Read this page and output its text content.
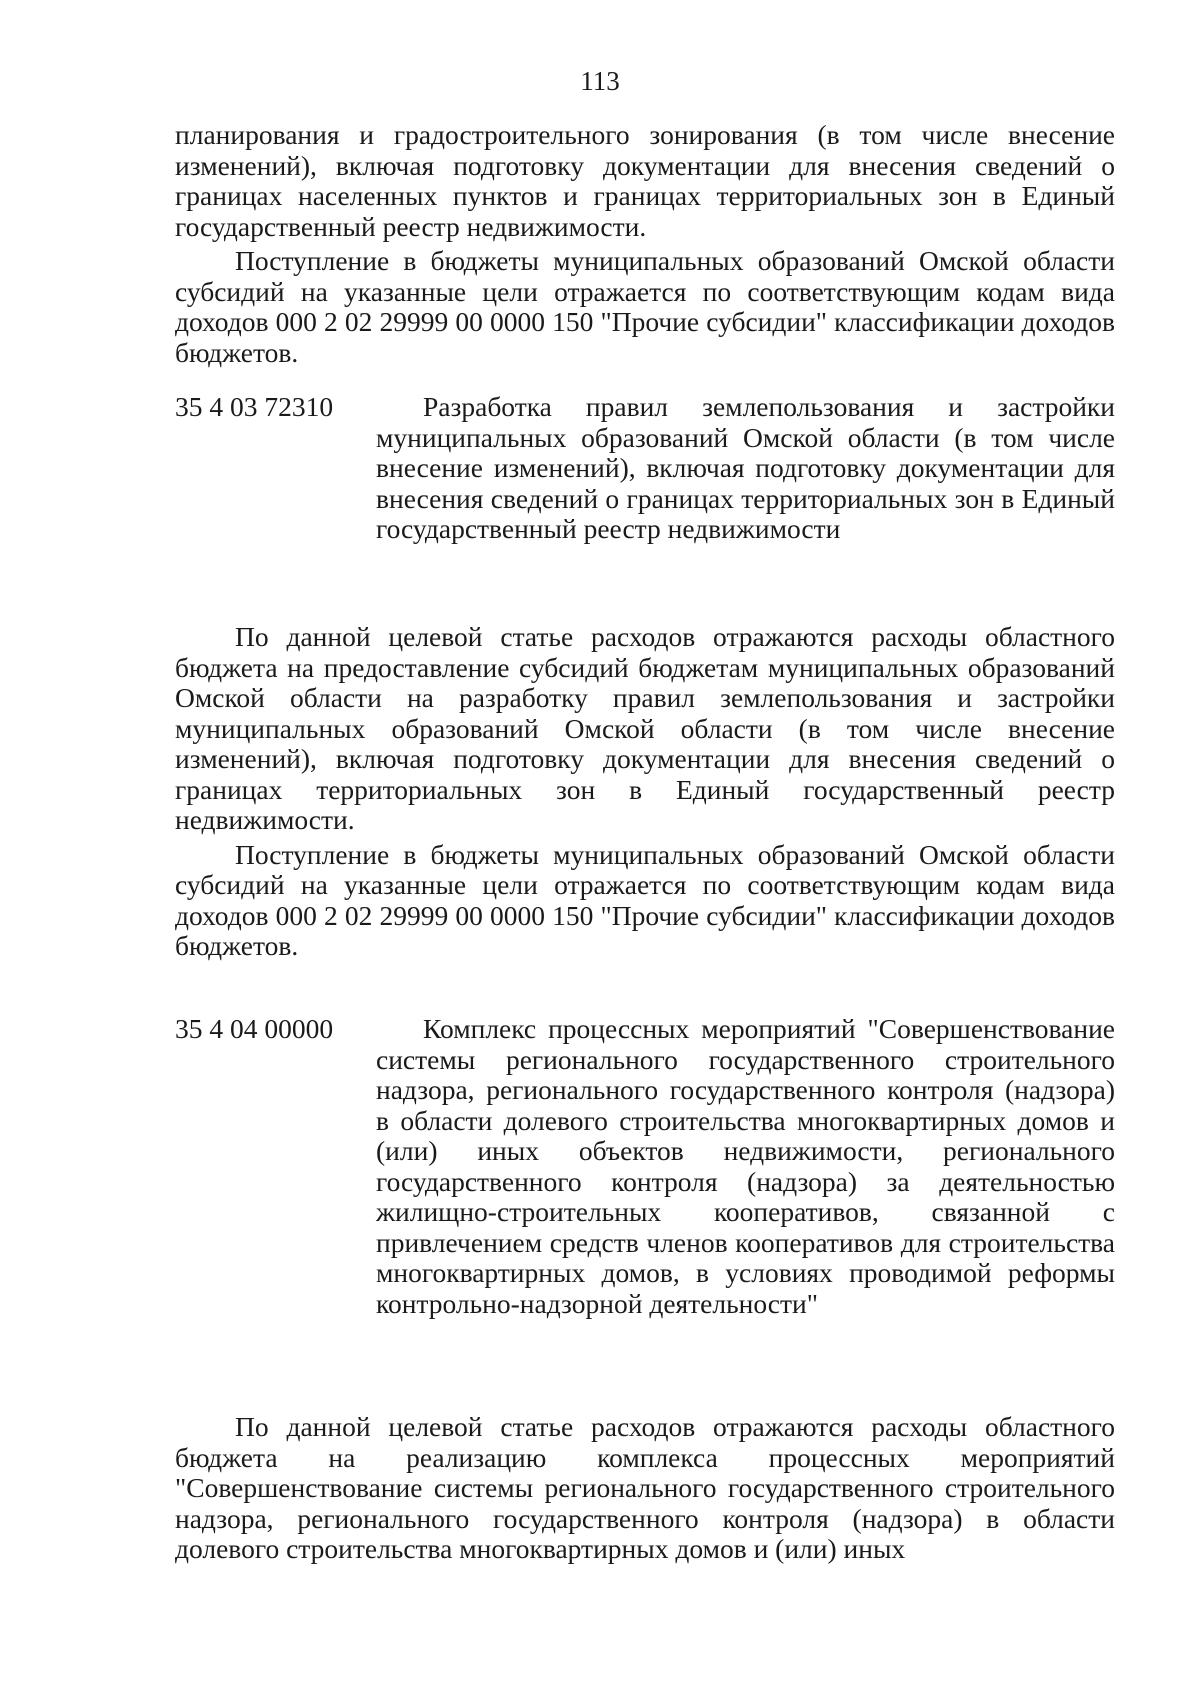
113

планирования и градостроительного зонирования (в том числе внесение изменений), включая подготовку документации для внесения сведений о границах населенных пунктов и границах территориальных зон в Единый государственный реестр недвижимости.

Поступление в бюджеты муниципальных образований Омской области субсидий на указанные цели отражается по соответствующим кодам вида доходов 000 2 02 29999 00 0000 150 "Прочие субсидии" классификации доходов бюджетов.

35 4 03 72310	Разработка правил землепользования и застройки муниципальных образований Омской области (в том числе внесение изменений), включая подготовку документации для внесения сведений о границах территориальных зон в Единый государственный реестр недвижимости

По данной целевой статье расходов отражаются расходы областного бюджета на предоставление субсидий бюджетам муниципальных образований Омской области на разработку правил землепользования и застройки муниципальных образований Омской области (в том числе внесение изменений), включая подготовку документации для внесения сведений о границах территориальных зон в Единый государственный реестр недвижимости.

Поступление в бюджеты муниципальных образований Омской области субсидий на указанные цели отражается по соответствующим кодам вида доходов 000 2 02 29999 00 0000 150 "Прочие субсидии" классификации доходов бюджетов.

35 4 04 00000	Комплекс процессных мероприятий "Совершенствование системы регионального государственного строительного надзора, регионального государственного контроля (надзора) в области долевого строительства многоквартирных домов и (или) иных объектов недвижимости, регионального государственного контроля (надзора) за деятельностью жилищно-строительных кооперативов, связанной с привлечением средств членов кооперативов для строительства многоквартирных домов, в условиях проводимой реформы контрольно-надзорной деятельности"

По данной целевой статье расходов отражаются расходы областного бюджета на реализацию комплекса процессных мероприятий "Совершенствование системы регионального государственного строительного надзора, регионального государственного контроля (надзора) в области долевого строительства многоквартирных домов и (или) иных
